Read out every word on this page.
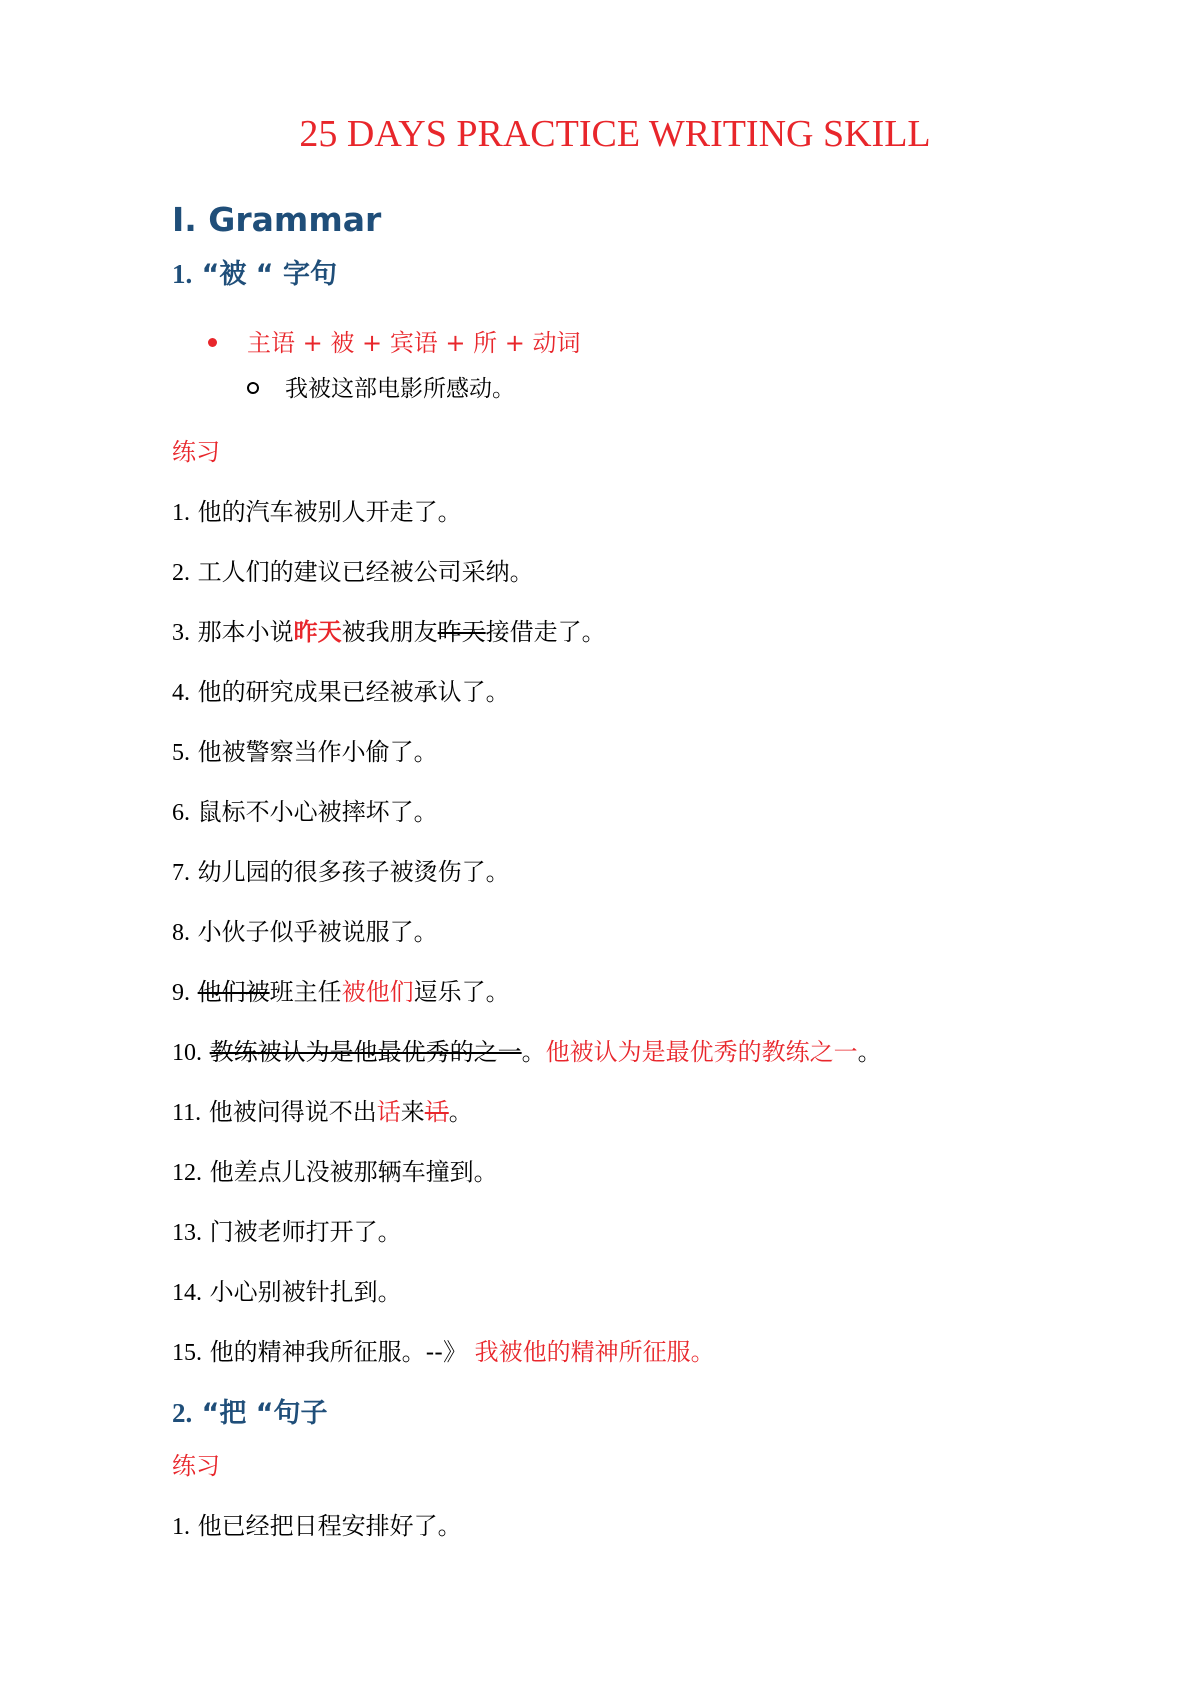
25 DAYS PRACTICE WRITING SKILL
I. Grammar
1. “被 “ 字句
主语 + 被 + 宾语 + 所 + 动词
我被这部电影所感动。
练习
1. 他的汽车被别人开走了。
2. 工人们的建议已经被公司采纳。
3. 那本小说昨天被我朋友昨天接借走了。
4. 他的研究成果已经被承认了。
5. 他被警察当作小偷了。
6. 鼠标不小心被摔坏了。
7. 幼儿园的很多孩子被烫伤了。
8. 小伙子似乎被说服了。
9. 他们被班主任被他们逗乐了。
10. 教练被认为是他最优秀的之一。他被认为是最优秀的教练之一。
11. 他被问得说不出话来话。
12. 他差点儿没被那辆车撞到。
13. 门被老师打开了。
14. 小心别被针扎到。
15. 他的精神我所征服。--》 我被他的精神所征服。
2. “把 “句子
练习
1. 他已经把日程安排好了。
